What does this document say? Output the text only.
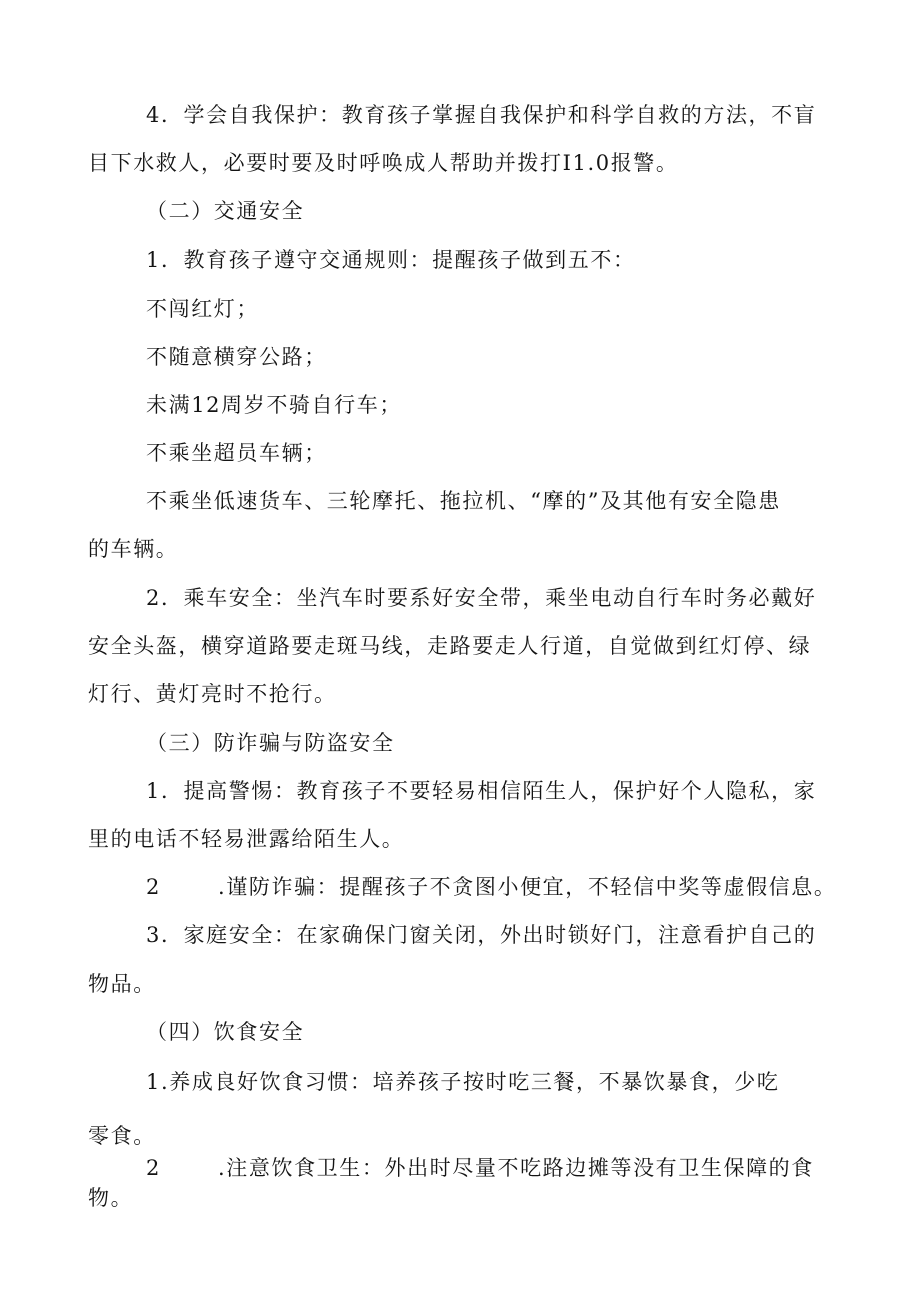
4．学会自我保护：教育孩子掌握自我保护和科学自救的方法，不盲
目下水救人，必要时要及时呼唤成人帮助并拨打I1.0报警。
（二）交通安全
1．教育孩子遵守交通规则：提醒孩子做到五不：
不闯红灯；
不随意横穿公路；
未满12周岁不骑自行车；
不乘坐超员车辆；
不乘坐低速货车、三轮摩托、拖拉机、“摩的”及其他有安全隐患
的车辆。
2．乘车安全：坐汽车时要系好安全带，乘坐电动自行车时务必戴好
安全头盔，横穿道路要走斑马线，走路要走人行道，自觉做到红灯停、绿
灯行、黄灯亮时不抢行。
（三）防诈骗与防盗安全
1．提高警惕：教育孩子不要轻易相信陌生人，保护好个人隐私，家
里的电话不轻易泄露给陌生人。
2	.谨防诈骗：提醒孩子不贪图小便宜，不轻信中奖等虚假信息。
3．家庭安全：在家确保门窗关闭，外出时锁好门，注意看护自己的
物品。
（四）饮食安全
1.养成良好饮食习惯：培养孩子按时吃三餐，不暴饮暴食，少吃
零食。
2	.注意饮食卫生：外出时尽量不吃路边摊等没有卫生保障的食
物。
